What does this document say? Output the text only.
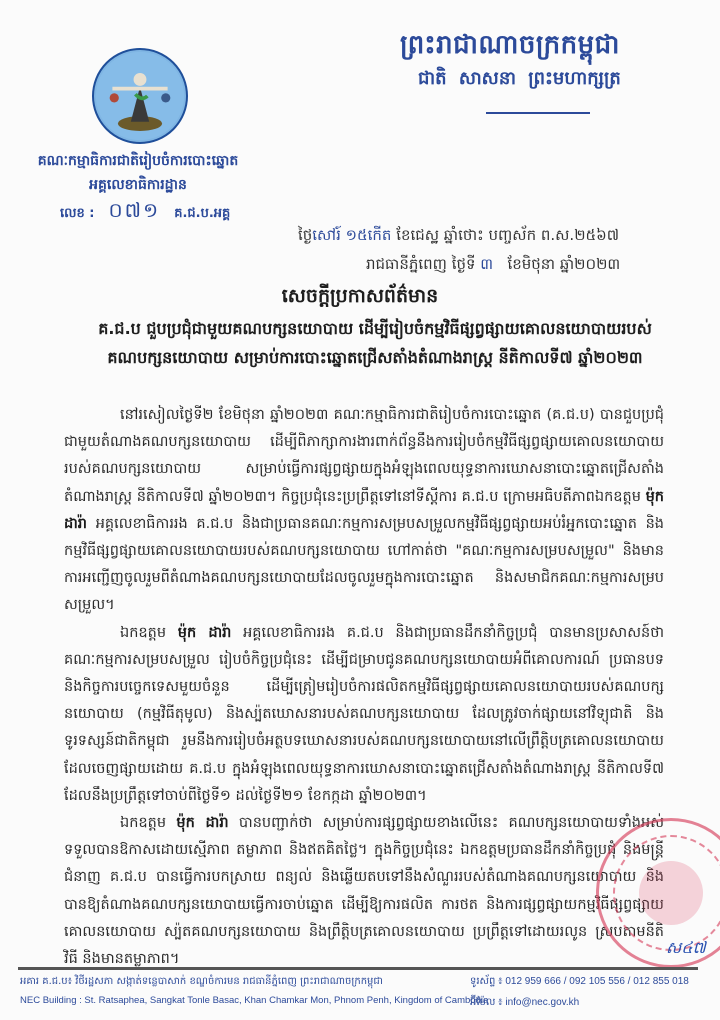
ព្រះរាជាណាចក្រកម្ពុជា
ជាតិ សាសនា ព្រះមហាក្សត្រ
គណៈកម្មាធិការជាតិរៀបចំការបោះឆ្នោត
អគ្គលេខាធិការដ្ឋាន
លេខ : ០៧១ គ.ជ.ប.អគ្គ
ថ្ងៃសៅរ៍ ១៥កើត ខែជេស្ឋ ឆ្នាំថោះ បញ្ចស័ក ព.ស.២៥៦៧
រាជធានីភ្នំពេញ ថ្ងៃទី ៣ ខែមិថុនា ឆ្នាំ២០២៣
សេចក្តីប្រកាសព័ត៌មាន
គ.ជ.ប ជួបប្រជុំជាមួយគណបក្សនយោបាយ ដើម្បីរៀបចំកម្មវិធីផ្សព្វផ្សាយគោលនយោបាយរបស់គណបក្សនយោបាយ សម្រាប់ការបោះឆ្នោតជ្រើសតាំងតំណាងរាស្ត្រ នីតិកាលទី៧ ឆ្នាំ២០២៣

នៅរសៀលថ្ងៃទី២ ខែមិថុនា ឆ្នាំ២០២៣ គណៈកម្មាធិការជាតិរៀបចំការបោះឆ្នោត (គ.ជ.ប) បានជួបប្រជុំជាមួយតំណាងគណបក្សនយោបាយ ដើម្បីពិភាក្សាការងារពាក់ព័ន្ធនឹងការរៀបចំកម្មវិធីផ្សព្វផ្សាយគោលនយោបាយរបស់គណបក្សនយោបាយ សម្រាប់ធ្វើការផ្សព្វផ្សាយក្នុងអំឡុងពេលយុទ្ធនាការឃោសនាបោះឆ្នោតជ្រើសតាំងតំណាងរាស្ត្រ នីតិកាលទី៧ ឆ្នាំ២០២៣។ កិច្ចប្រជុំនេះប្រព្រឹត្តទៅនៅទីស្តីការ គ.ជ.ប ក្រោមអធិបតីភាពឯកឧត្តម ម៉ុក ដារ៉ា អគ្គលេខាធិការរង គ.ជ.ប និងជាប្រធានគណៈកម្មការសម្របសម្រួលកម្មវិធីផ្សព្វផ្សាយអប់រំអ្នកបោះឆ្នោត និងកម្មវិធីផ្សព្វផ្សាយគោលនយោបាយរបស់គណបក្សនយោបាយ ហៅកាត់ថា "គណៈកម្មការសម្របសម្រួល" និងមានការអញ្ជើញចូលរួមពីតំណាងគណបក្សនយោបាយដែលចូលរួមក្នុងការបោះឆ្នោត និងសមាជិកគណៈកម្មការសម្របសម្រួល។

ឯកឧត្តម ម៉ុក ដារ៉ា អគ្គលេខាធិការរង គ.ជ.ប និងជាប្រធានដឹកនាំកិច្ចប្រជុំ បានមានប្រសាសន៍ថា គណៈកម្មការសម្របសម្រួល រៀបចំកិច្ចប្រជុំនេះ ដើម្បីជម្រាបជូនគណបក្សនយោបាយអំពីគោលការណ៍ ប្រធានបទ និងកិច្ចការបច្ចេកទេសមួយចំនួន ដើម្បីត្រៀមរៀបចំការផលិតកម្មវិធីផ្សព្វផ្សាយគោលនយោបាយរបស់គណបក្សនយោបាយ (កម្មវិធីតុមូល) និងស្ប៉តឃោសនារបស់គណបក្សនយោបាយ ដែលត្រូវចាក់ផ្សាយនៅវិទ្យុជាតិ និងទូរទស្សន៍ជាតិកម្ពុជា រួមនឹងការរៀបចំអត្ថបទឃោសនារបស់គណបក្សនយោបាយនៅលើព្រឹត្តិបត្រគោលនយោបាយ ដែលចេញផ្សាយដោយ គ.ជ.ប ក្នុងអំឡុងពេលយុទ្ធនាការឃោសនាបោះឆ្នោតជ្រើសតាំងតំណាងរាស្ត្រ នីតិកាលទី៧ ដែលនឹងប្រព្រឹត្តទៅចាប់ពីថ្ងៃទី១ ដល់ថ្ងៃទី២១ ខែកក្កដា ឆ្នាំ២០២៣។

ឯកឧត្តម ម៉ុក ដារ៉ា បានបញ្ជាក់ថា សម្រាប់ការផ្សព្វផ្សាយខាងលើនេះ គណបក្សនយោបាយទាំងអស់ទទួលបានឱកាសដោយស្មើភាព តម្លាភាព និងឥតគិតថ្លៃ។ ក្នុងកិច្ចប្រជុំនេះ ឯកឧត្តមប្រធានដឹកនាំកិច្ចប្រជុំ និងមន្ត្រីជំនាញ គ.ជ.ប បានធ្វើការបកស្រាយ ពន្យល់ និងឆ្លើយតបទៅនឹងសំណួររបស់តំណាងគណបក្សនយោបាយ និងបានឱ្យតំណាងគណបក្សនយោបាយធ្វើការចាប់ឆ្នោត ដើម្បីឱ្យការផលិត ការថត និងការផ្សព្វផ្សាយកម្មវិធីផ្សព្វផ្សាយគោលនយោបាយ ស្ប៉តគណបក្សនយោបាយ និងព្រឹត្តិបត្រគោលនយោបាយ ប្រព្រឹត្តទៅដោយរលូន ស្របតាមនីតិវិធី និងមានតម្លាភាព។

ស៤៧
អគារ គ.ជ.ប៖ វិថីរដ្ឋសភា សង្កាត់ទន្លេបាសាក់ ខណ្ឌចំការមន រាជធានីភ្នំពេញ ព្រះរាជាណាចក្រកម្ពុជា
NEC Building : St. Ratsaphea, Sangkat Tonle Basac, Khan Chamkar Mon, Phnom Penh, Kingdom of Cambodia
ទូរស័ព្ទ ៖ 012 959 666 / 092 105 556 / 012 855 018
អ៊ីម៉ែល ៖ info@nec.gov.kh
